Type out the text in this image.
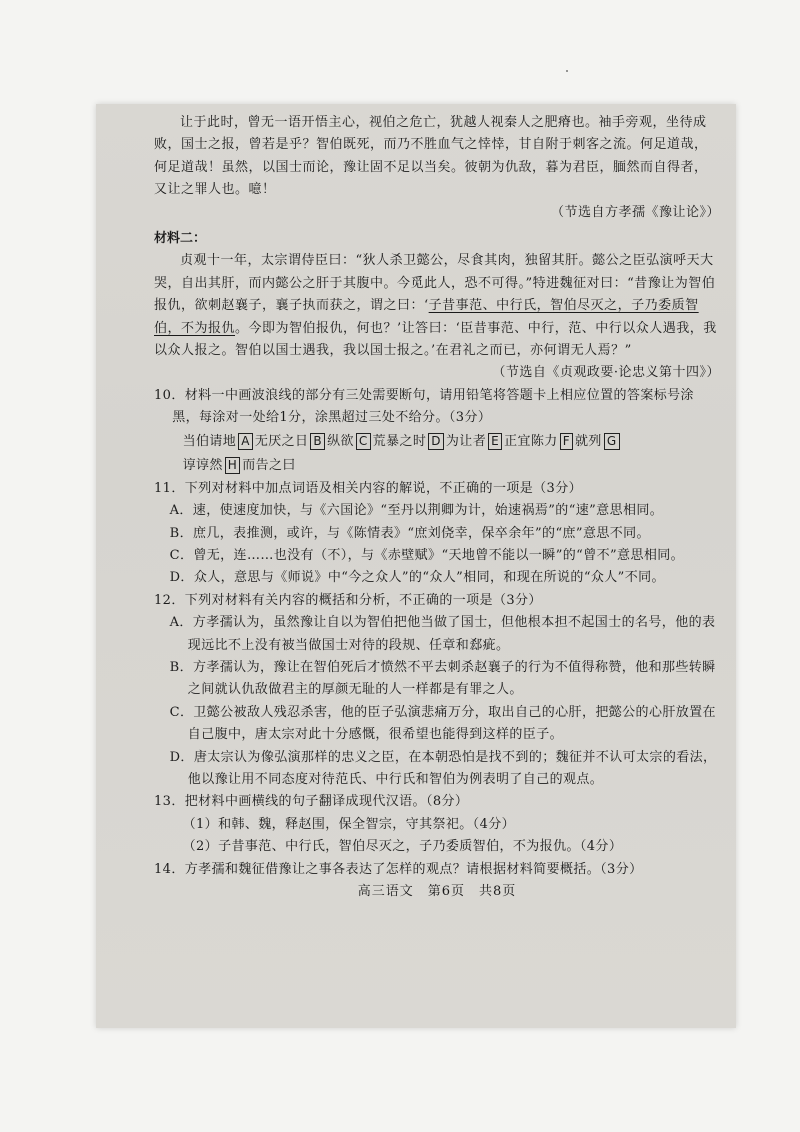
让于此时，曾无一语开悟主心，视伯之危亡，犹越人视秦人之肥瘠也。袖手旁观，坐待成败，国士之报，曾若是乎？智伯既死，而乃不胜血气之悻悻，甘自附于刺客之流。何足道哉，何足道哉！虽然，以国士而论，豫让固不足以当矣。彼朝为仇敌，暮为君臣，腼然而自得者，又让之罪人也。噫！

（节选自方孝孺《豫让论》）
材料二：

贞观十一年，太宗谓侍臣曰：“狄人杀卫懿公，尽食其肉，独留其肝。懿公之臣弘演呼天大哭，自出其肝，而内懿公之肝于其腹中。今觅此人，恐不可得。”特进魏征对曰：“昔豫让为智伯报仇，欲刺赵襄子，襄子执而获之，谓之曰：‘子昔事范、中行氏，智伯尽灭之，子乃委质智伯，不为报仇。今即为智伯报仇，何也？’让答曰：‘臣昔事范、中行，范、中行以众人遇我，我以众人报之。智伯以国士遇我，我以国士报之。’在君礼之而已，亦何谓无人焉？”

（节选自《贞观政要·论忠义第十四》）

10．材料一中画波浪线的部分有三处需要断句，请用铅笔将答题卡上相应位置的答案标号涂黑，每涂对一处给1分，涂黑超过三处不给分。（3分）

当伯请地 A 无厌之日 B 纵欲 C 荒暴之时 D 为让者 E 正宜陈力 F 就列 G
谆谆然 H 而告之曰

11．下列对材料中加点词语及相关内容的解说，不正确的一项是（3分）

A．速，使速度加快，与《六国论》“至丹以荆卿为计，始速祸焉”的“速”意思相同。

B．庶几，表推测，或许，与《陈情表》“庶刘侥幸，保卒余年”的“庶”意思不同。

C．曾无，连……也没有（不），与《赤壁赋》“天地曾不能以一瞬”的“曾不”意思相同。

D．众人，意思与《师说》中“今之众人”的“众人”相同，和现在所说的“众人”不同。

12．下列对材料有关内容的概括和分析，不正确的一项是（3分）

A．方孝孺认为，虽然豫让自以为智伯把他当做了国士，但他根本担不起国士的名号，他的表现远比不上没有被当做国士对待的段规、任章和郄疵。

B．方孝孺认为，豫让在智伯死后才愤然不平去刺杀赵襄子的行为不值得称赞，他和那些转瞬之间就认仇敌做君主的厚颜无耻的人一样都是有罪之人。

C．卫懿公被敌人残忍杀害，他的臣子弘演悲痛万分，取出自己的心肝，把懿公的心肝放置在自己腹中，唐太宗对此十分感慨，很希望也能得到这样的臣子。

D．唐太宗认为像弘演那样的忠义之臣，在本朝恐怕是找不到的；魏征并不认可太宗的看法，他以豫让用不同态度对待范氏、中行氏和智伯为例表明了自己的观点。

13．把材料中画横线的句子翻译成现代汉语。（8分）

（1）和韩、魏，释赵围，保全智宗，守其祭祀。（4分）

（2）子昔事范、中行氏，智伯尽灭之，子乃委质智伯，不为报仇。（4分）

14．方孝孺和魏征借豫让之事各表达了怎样的观点？请根据材料简要概括。（3分）

高三语文　第6页　共8页
